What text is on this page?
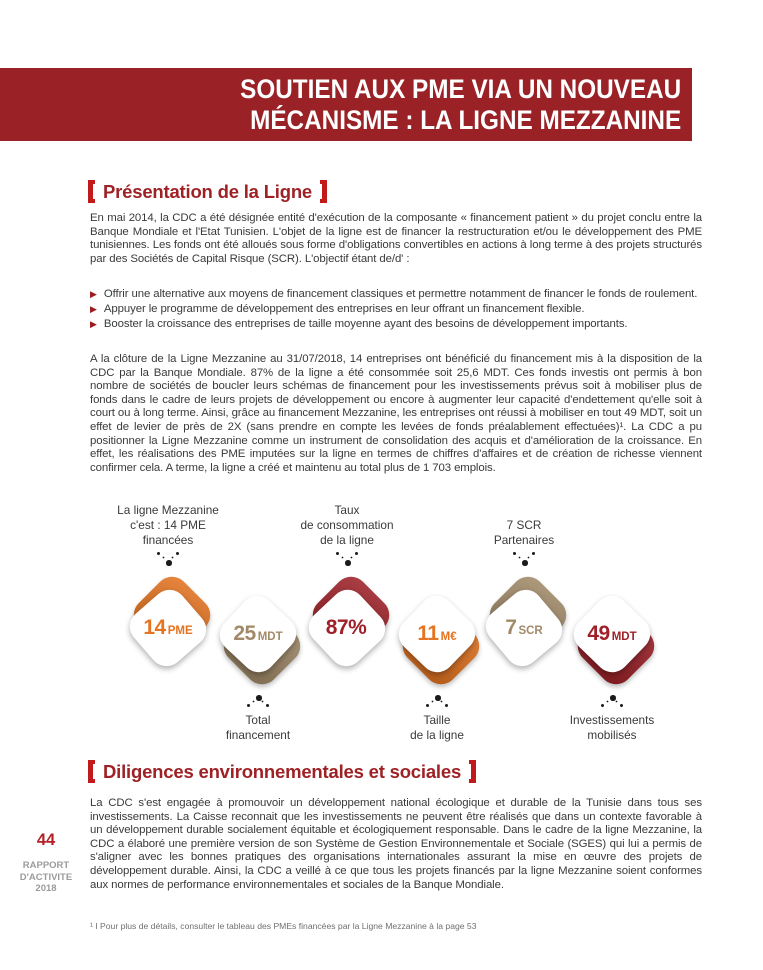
SOUTIEN AUX PME VIA UN NOUVEAU
MÉCANISME : LA LIGNE MEZZANINE
Présentation de la Ligne
En mai 2014, la CDC a été désignée entité d'exécution de la composante « financement patient » du projet conclu entre la Banque Mondiale et l'Etat Tunisien. L'objet de la ligne est de financer la restructuration et/ou le développement des PME tunisiennes. Les fonds ont été alloués sous forme d'obligations convertibles en actions à long terme à des projets structurés par des Sociétés de Capital Risque (SCR). L'objectif étant de/d' :
▶ Offrir une alternative aux moyens de financement classiques et permettre notamment de financer le fonds de roulement.
▶ Appuyer le programme de développement des entreprises en leur offrant un financement flexible.
▶ Booster la croissance des entreprises de taille moyenne ayant des besoins de développement importants.
A la clôture de la Ligne Mezzanine au 31/07/2018, 14 entreprises ont bénéficié du financement mis à la disposition de la CDC par la Banque Mondiale. 87% de la ligne a été consommée soit 25,6 MDT. Ces fonds investis ont permis à bon nombre de sociétés de boucler leurs schémas de financement pour les investissements prévus soit à mobiliser plus de fonds dans le cadre de leurs projets de développement ou encore à augmenter leur capacité d'endettement qu'elle soit à court ou à long terme. Ainsi, grâce au financement Mezzanine, les entreprises ont réussi à mobiliser en tout 49 MDT, soit un effet de levier de près de 2X (sans prendre en compte les levées de fonds préalablement effectuées)¹. La CDC a pu positionner la Ligne Mezzanine comme un instrument de consolidation des acquis et d'amélioration de la croissance. En effet, les réalisations des PME imputées sur la ligne en termes de chiffres d'affaires et de création de richesse viennent confirmer cela. A terme, la ligne a créé et maintenu au total plus de 1 703 emplois.
La ligne Mezzanine
c'est : 14 PME
financées
Taux
de consommation
de la ligne
7 SCR
Partenaires
14 PME	25 MDT	87%	11 M€	7 SCR	49 MDT
Total
financement
Taille
de la ligne
Investissements
mobilisés
Diligences environnementales et sociales
La CDC s'est engagée à promouvoir un développement national écologique et durable de la Tunisie dans tous ses investissements. La Caisse reconnait que les investissements ne peuvent être réalisés que dans un contexte favorable à un développement durable socialement équitable et écologiquement responsable. Dans le cadre de la ligne Mezzanine, la CDC a élaboré une première version de son Système de Gestion Environnementale et Sociale (SGES) qui lui a permis de s'aligner avec les bonnes pratiques des organisations internationales assurant la mise en œuvre des projets de développement durable. Ainsi, la CDC a veillé à ce que tous les projets financés par la ligne Mezzanine soient conformes aux normes de performance environnementales et sociales de la Banque Mondiale.
44
RAPPORT
D'ACTIVITE
2018
¹ I Pour plus de détails, consulter le tableau des PMEs financées par la Ligne Mezzanine à la page 53
